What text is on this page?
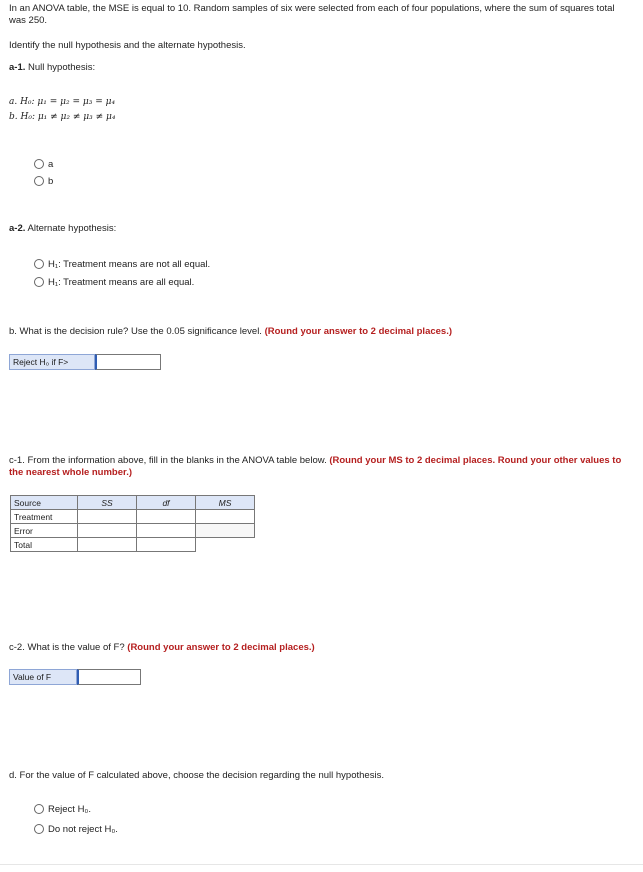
In an ANOVA table, the MSE is equal to 10. Random samples of six were selected from each of four populations, where the sum of squares total was 250.
Identify the null hypothesis and the alternate hypothesis.
a-1. Null hypothesis:
a. H₀: μ₁ = μ₂ = μ₃ = μ₄
b. H₀: μ₁ ≠ μ₂ ≠ μ₃ ≠ μ₄
a
b
a-2. Alternate hypothesis:
H₁: Treatment means are not all equal.
H₁: Treatment means are all equal.
b. What is the decision rule? Use the 0.05 significance level. (Round your answer to 2 decimal places.)
Reject H₀ if F>
c-1. From the information above, fill in the blanks in the ANOVA table below. (Round your MS to 2 decimal places. Round your other values to the nearest whole number.)
Source	SS	df	MS
Treatment			
Error			
Total			
c-2. What is the value of F? (Round your answer to 2 decimal places.)
Value of F
d. For the value of F calculated above, choose the decision regarding the null hypothesis.
Reject H₀.
Do not reject H₀.
